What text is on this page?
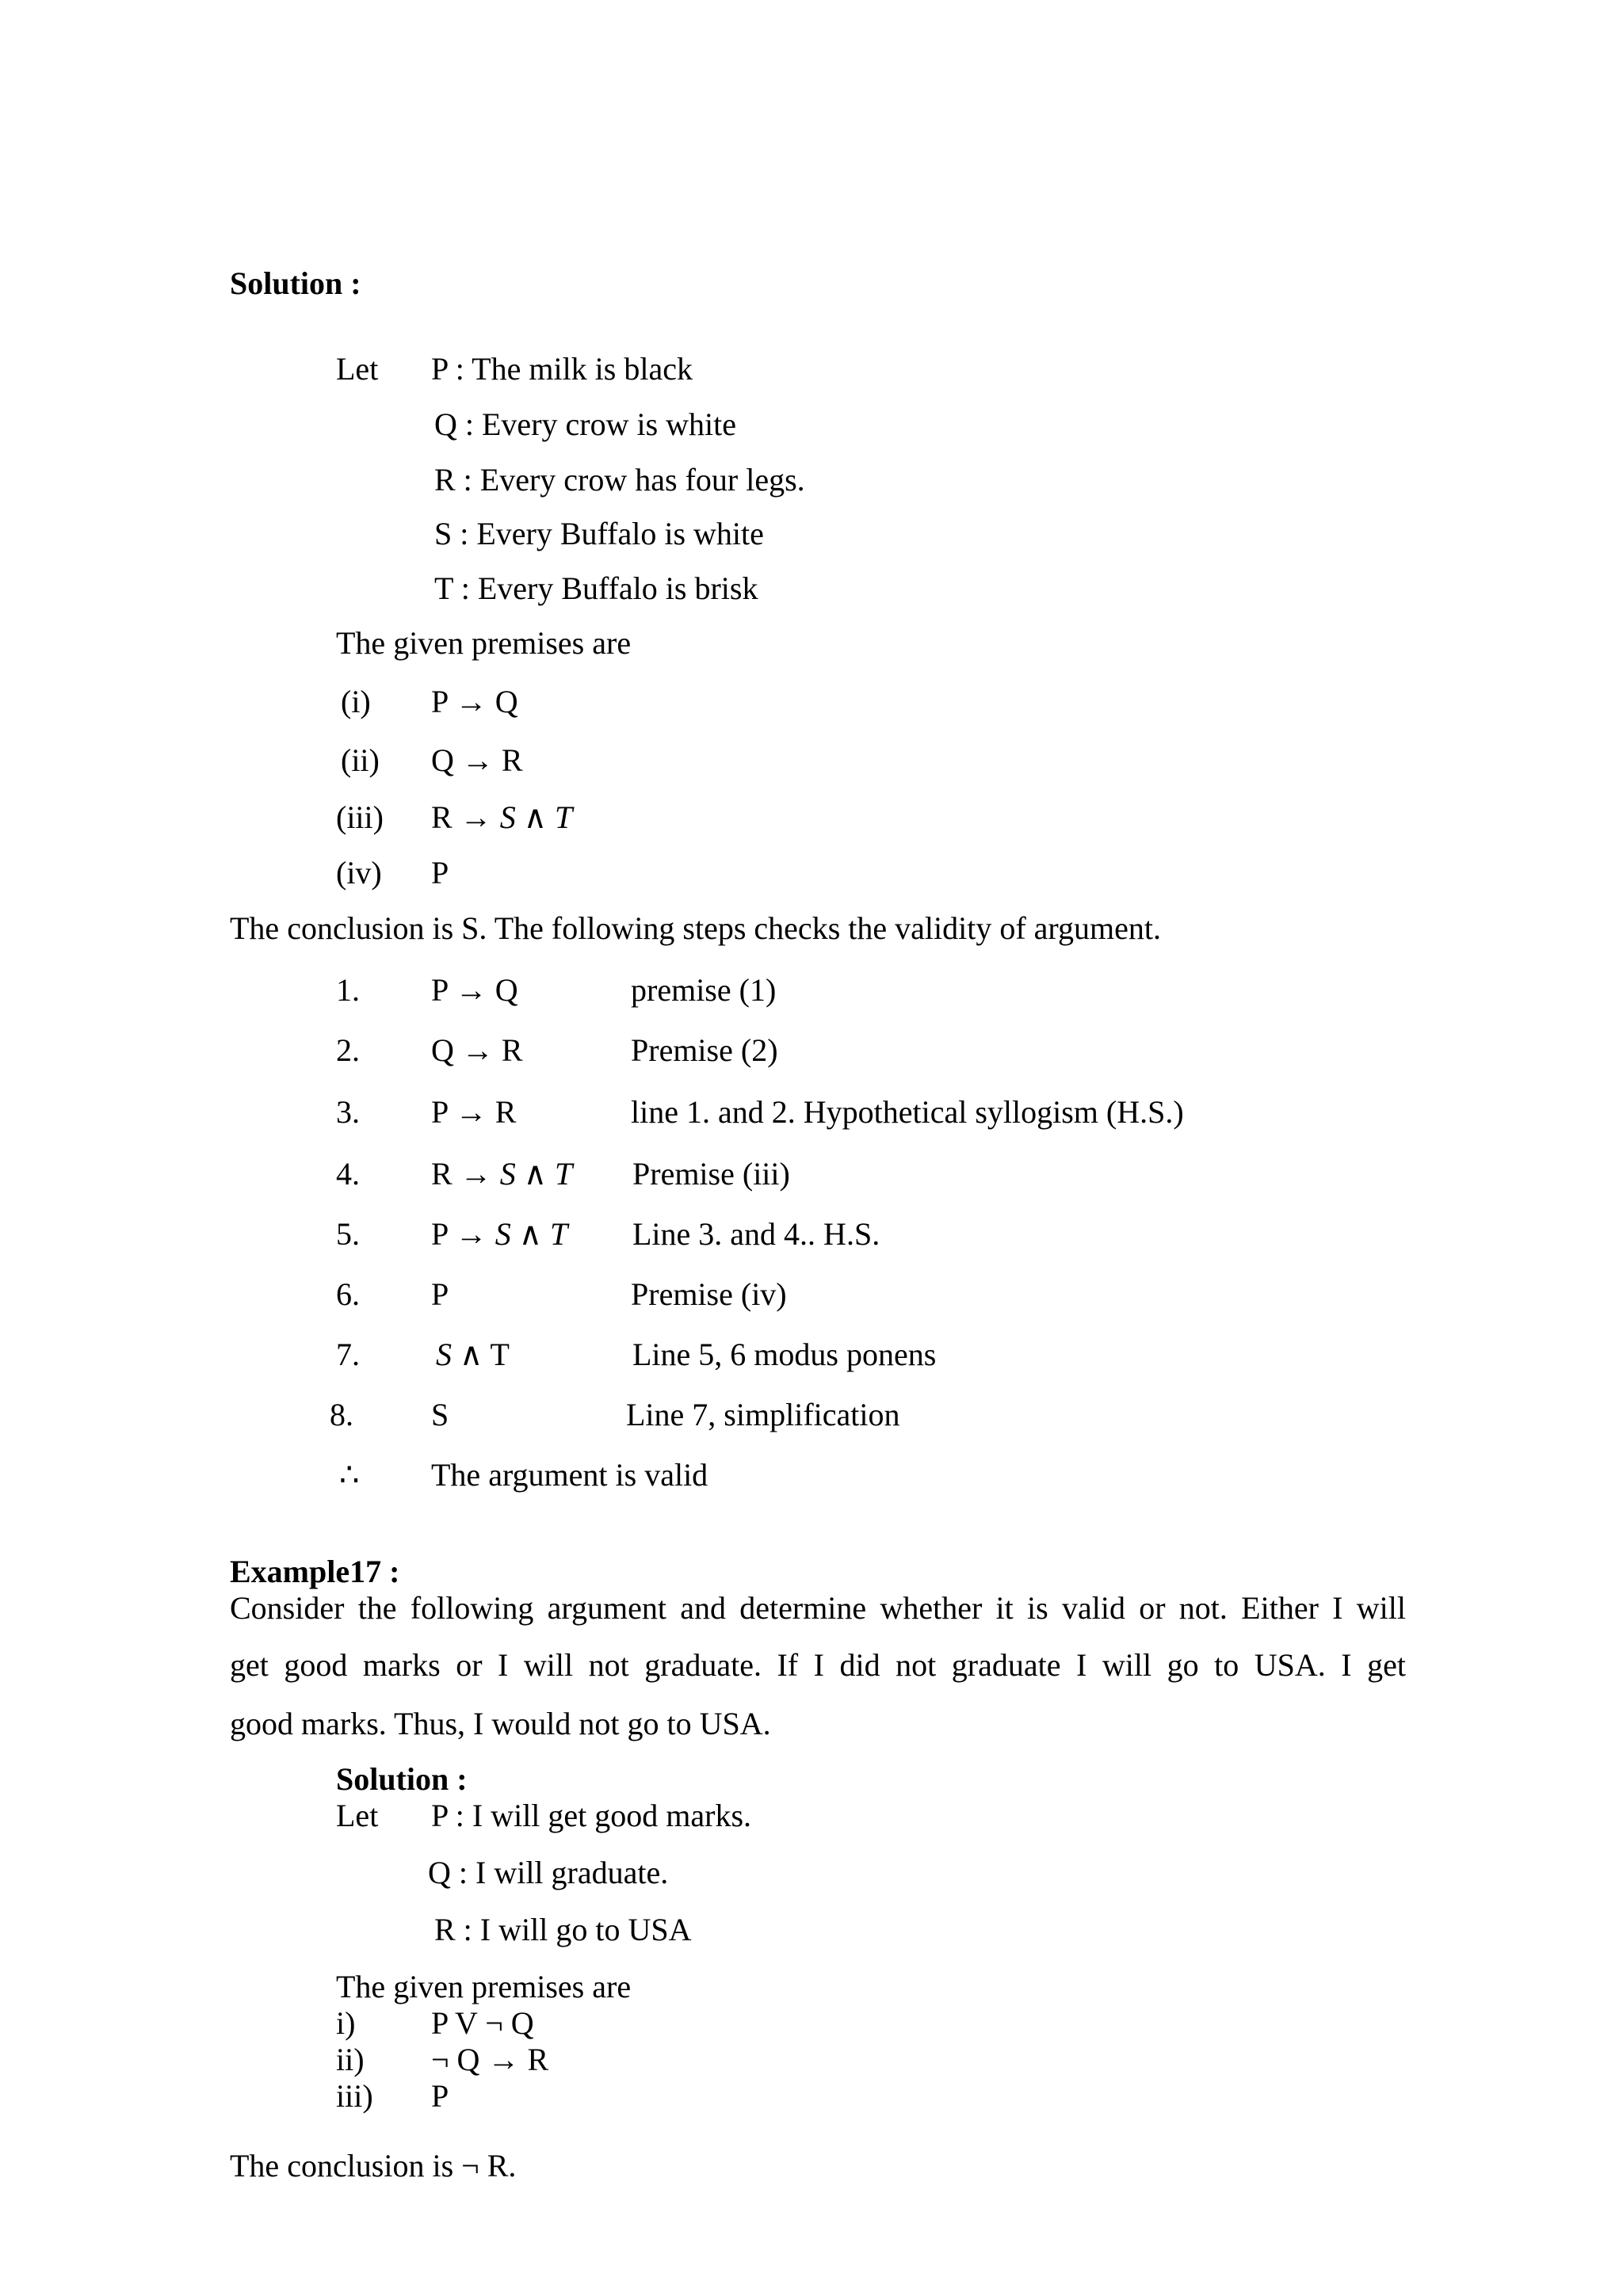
Solution :
Let P : The milk is black
Q : Every crow is white
R : Every crow has four legs.
S : Every Buffalo is white
T : Every Buffalo is brisk
The given premises are
(i) P → Q
(ii) Q → R
(iii) R → S ∧ T
(iv) P
The conclusion is S. The following steps checks the validity of argument.
1. P → Q	premise (1)
2. Q → R	Premise (2)
3. P → R	line 1. and 2. Hypothetical syllogism (H.S.)
4. R → S ∧ T Premise (iii)
5. P → S ∧ T Line 3. and 4.. H.S.
6. P	Premise (iv)
7. S ∧ T	Line 5, 6 modus ponens
8. S	Line 7, simplification
∴ The argument is valid
Example17 :
Consider the following argument and determine whether it is valid or not. Either I will
get good marks or I will not graduate. If I did not graduate I will go to USA. I get
good marks. Thus, I would not go to USA.
Solution :
Let P : I will get good marks.
Q : I will graduate.
R : I will go to USA
The given premises are
i) P V ¬ Q
ii) ¬ Q → R
iii) P
The conclusion is ¬ R.
